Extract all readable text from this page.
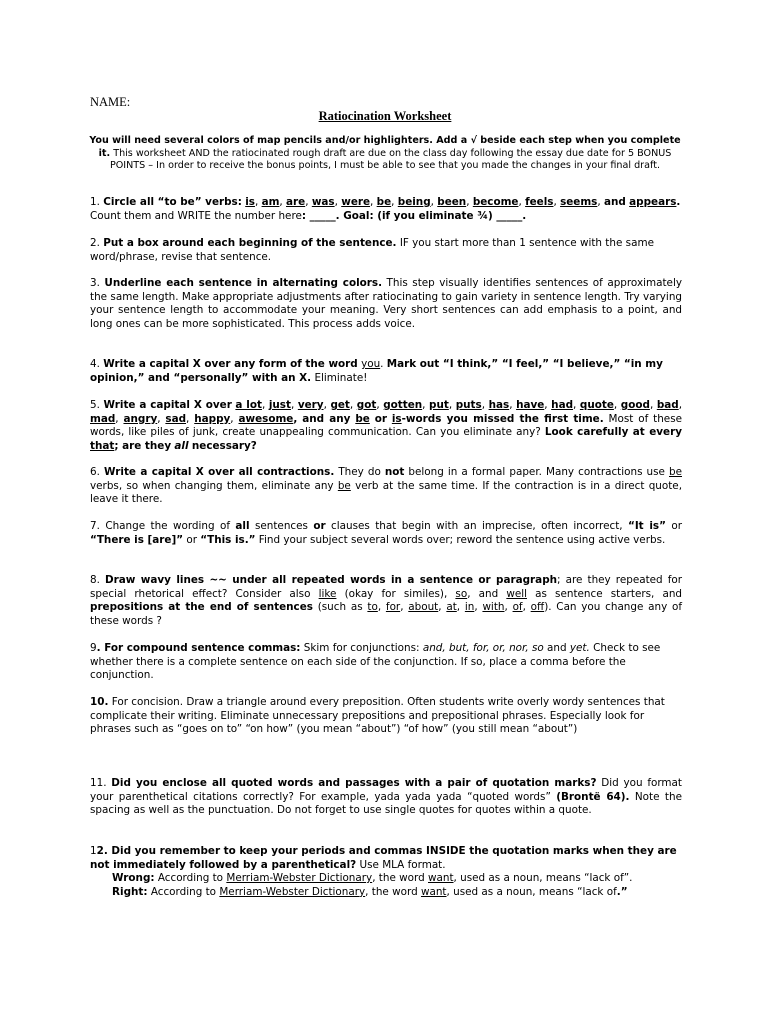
NAME:
Ratiocination Worksheet
You will need several colors of map pencils and/or highlighters. Add a √ beside each step when you complete it. This worksheet AND the ratiocinated rough draft are due on the class day following the essay due date for 5 BONUS POINTS – In order to receive the bonus points, I must be able to see that you made the changes in your final draft.
1. Circle all “to be” verbs: is, am, are, was, were, be, being, been, become, feels, seems, and appears. Count them and WRITE the number here: _____. Goal: (if you eliminate ¾) _____.
2. Put a box around each beginning of the sentence. IF you start more than 1 sentence with the same word/phrase, revise that sentence.
3. Underline each sentence in alternating colors. This step visually identifies sentences of approximately the same length. Make appropriate adjustments after ratiocinating to gain variety in sentence length. Try varying your sentence length to accommodate your meaning. Very short sentences can add emphasis to a point, and long ones can be more sophisticated. This process adds voice.
4. Write a capital X over any form of the word you. Mark out “I think,” “I feel,” “I believe,” “in my opinion,” and “personally” with an X. Eliminate!
5. Write a capital X over a lot, just, very, get, got, gotten, put, puts, has, have, had, quote, good, bad, mad, angry, sad, happy, awesome, and any be or is-words you missed the first time. Most of these words, like piles of junk, create unappealing communication. Can you eliminate any? Look carefully at every that; are they all necessary?
6. Write a capital X over all contractions. They do not belong in a formal paper. Many contractions use be verbs, so when changing them, eliminate any be verb at the same time. If the contraction is in a direct quote, leave it there.
7. Change the wording of all sentences or clauses that begin with an imprecise, often incorrect, “It is” or “There is [are]” or “This is.” Find your subject several words over; reword the sentence using active verbs.
8. Draw wavy lines ~~ under all repeated words in a sentence or paragraph; are they repeated for special rhetorical effect? Consider also like (okay for similes), so, and well as sentence starters, and prepositions at the end of sentences (such as to, for, about, at, in, with, of, off). Can you change any of these words ?
9. For compound sentence commas: Skim for conjunctions: and, but, for, or, nor, so and yet. Check to see whether there is a complete sentence on each side of the conjunction. If so, place a comma before the conjunction.
10. For concision. Draw a triangle around every preposition. Often students write overly wordy sentences that complicate their writing. Eliminate unnecessary prepositions and prepositional phrases. Especially look for phrases such as “goes on to” “on how” (you mean “about”) “of how” (you still mean “about”)
11. Did you enclose all quoted words and passages with a pair of quotation marks? Did you format your parenthetical citations correctly? For example, yada yada yada “quoted words” (Brontë 64). Note the spacing as well as the punctuation. Do not forget to use single quotes for quotes within a quote.
12. Did you remember to keep your periods and commas INSIDE the quotation marks when they are not immediately followed by a parenthetical? Use MLA format.
Wrong: According to Merriam-Webster Dictionary, the word want, used as a noun, means “lack of”.
Right: According to Merriam-Webster Dictionary, the word want, used as a noun, means “lack of.”
